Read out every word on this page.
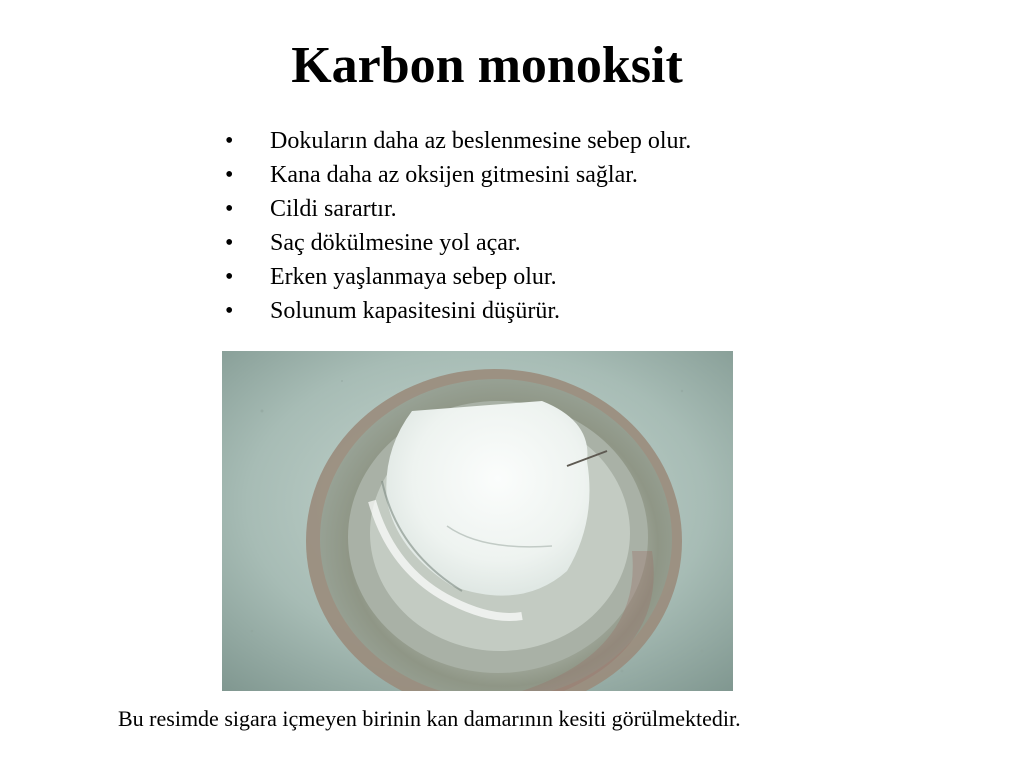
Karbon monoksit
• Dokuların daha az beslenmesine sebep olur.
• Kana daha az oksijen gitmesini sağlar.
• Cildi sarartır.
• Saç dökülmesine yol açar.
• Erken yaşlanmaya sebep olur.
• Solunum kapasitesini düşürür.
Bu resimde sigara içmeyen birinin kan damarının kesiti görülmektedir.
